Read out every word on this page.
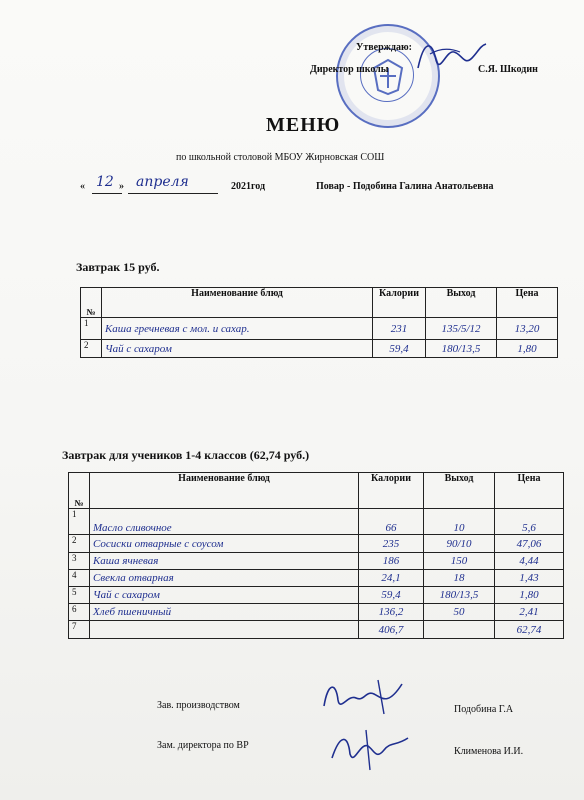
Утверждаю:
Директор школы	С.Я. Шкодин
МЕНЮ
по школьной столовой МБОУ Жирновская СОШ
« 12 » апреля	2021год	Повар - Подобина Галина Анатольевна
Завтрак 15 руб.
№	Наименование блюд	Калории	Выход	Цена
1	Каша гречневая с мол. и сахар.	231	135/5/12	13,20
2	Чай с сахаром	59,4	180/13,5	1,80
Завтрак для учеников 1-4 классов (62,74 руб.)
№	Наименование блюд	Калории	Выход	Цена
1	Масло сливочное	66	10	5,6
2	Сосиски отварные с соусом	235	90/10	47,06
3	Каша ячневая	186	150	4,44
4	Свекла отварная	24,1	18	1,43
5	Чай с сахаром	59,4	180/13,5	1,80
6	Хлеб пшеничный	136,2	50	2,41
7		406,7		62,74
Зав. производством	Подобина Г.А
Зам. директора по ВР
Клименова И.И.
